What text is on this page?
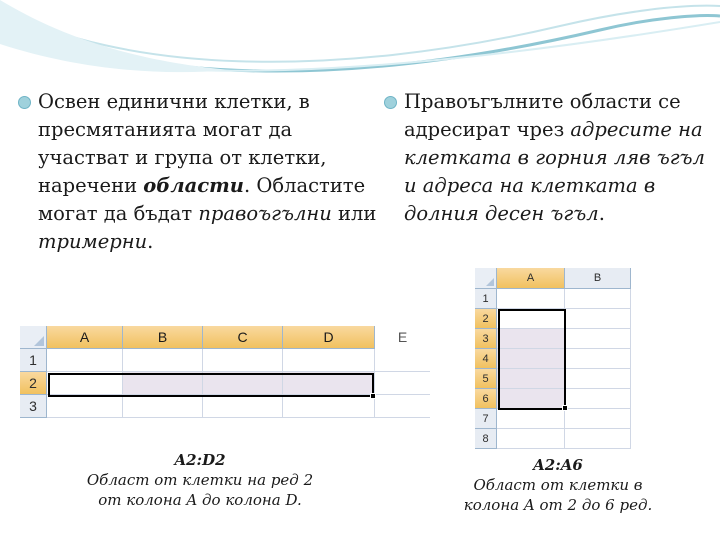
Освен единични клетки, в пресмятанията могат да участват и група от клетки, наречени области. Областите могат да бъдат правоъгълни или тримерни.
Правоъгълните области се адресират чрез адресите на клетката в горния ляв ъгъл и адреса на клетката в долния десен ъгъл.
A	B	C	D	E
1
2
3
A	B
1
2
3
4
5
6
7
8
A2:D2
Област от клетки на ред 2
от колона A до колона D.
A2:A6
Област от клетки в
колона A от 2 до 6 ред.
